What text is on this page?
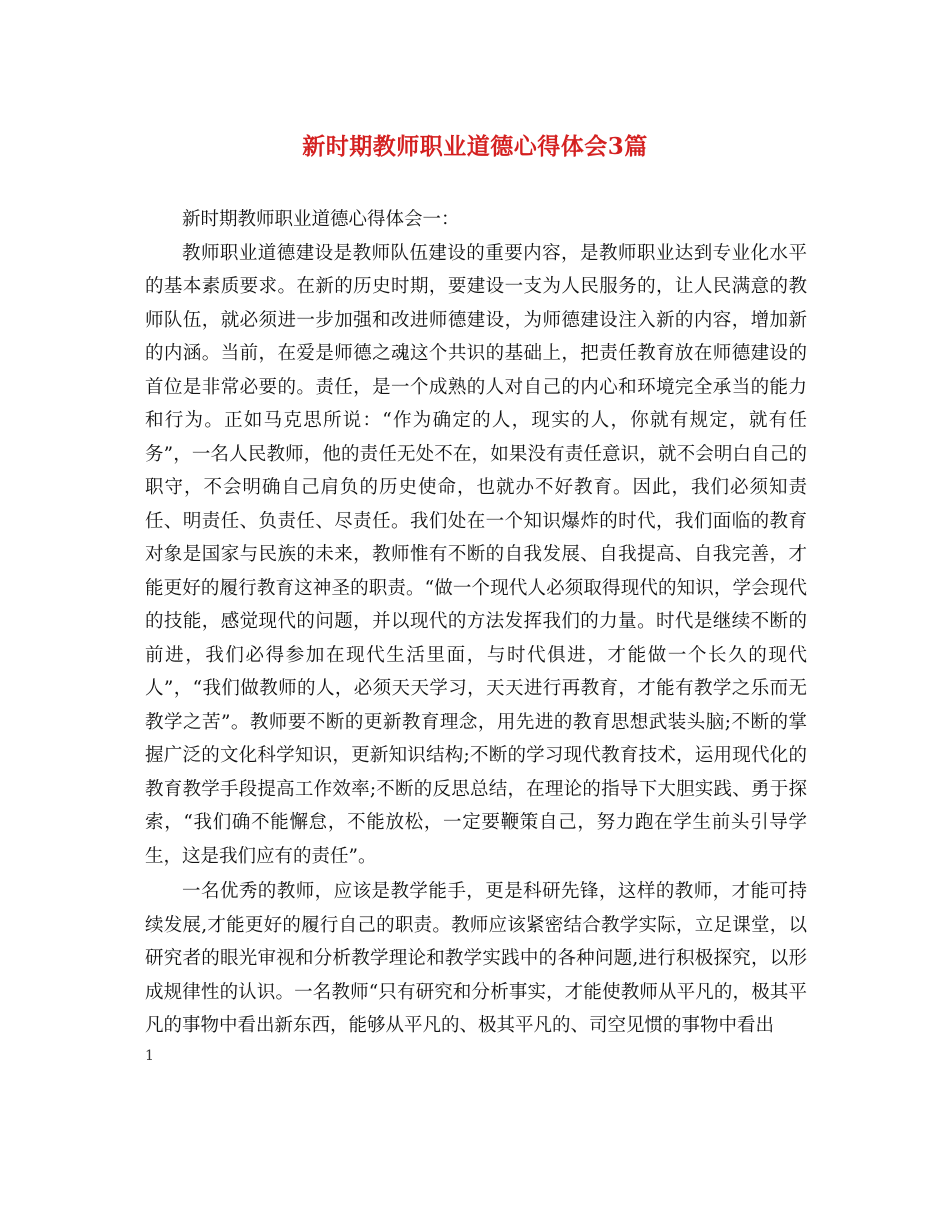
新时期教师职业道德心得体会3篇

新时期教师职业道德心得体会一：

教师职业道德建设是教师队伍建设的重要内容，是教师职业达到专业化水平的基本素质要求。在新的历史时期，要建设一支为人民服务的，让人民满意的教师队伍，就必须进一步加强和改进师德建设，为师德建设注入新的内容，增加新的内涵。当前，在爱是师德之魂这个共识的基础上，把责任教育放在师德建设的首位是非常必要的。责任，是一个成熟的人对自己的内心和环境完全承当的能力和行为。正如马克思所说：“作为确定的人，现实的人，你就有规定，就有任务”，一名人民教师，他的责任无处不在，如果没有责任意识，就不会明白自己的职守，不会明确自己肩负的历史使命，也就办不好教育。因此，我们必须知责任、明责任、负责任、尽责任。我们处在一个知识爆炸的时代，我们面临的教育对象是国家与民族的未来，教师惟有不断的自我发展、自我提高、自我完善，才能更好的履行教育这神圣的职责。“做一个现代人必须取得现代的知识，学会现代的技能，感觉现代的问题，并以现代的方法发挥我们的力量。时代是继续不断的前进，我们必得参加在现代生活里面，与时代俱进，才能做一个长久的现代人”，“我们做教师的人，必须天天学习，天天进行再教育，才能有教学之乐而无教学之苦”。教师要不断的更新教育理念，用先进的教育思想武装头脑;不断的掌握广泛的文化科学知识，更新知识结构;不断的学习现代教育技术，运用现代化的教育教学手段提高工作效率;不断的反思总结，在理论的指导下大胆实践、勇于探索，“我们确不能懈怠，不能放松，一定要鞭策自己，努力跑在学生前头引导学生，这是我们应有的责任”。

一名优秀的教师，应该是教学能手，更是科研先锋，这样的教师，才能可持续发展,才能更好的履行自己的职责。教师应该紧密结合教学实际，立足课堂，以研究者的眼光审视和分析教学理论和教学实践中的各种问题,进行积极探究，以形成规律性的认识。一名教师“只有研究和分析事实，才能使教师从平凡的，极其平凡的事物中看出新东西，能够从平凡的、极其平凡的、司空见惯的事物中看出

1
